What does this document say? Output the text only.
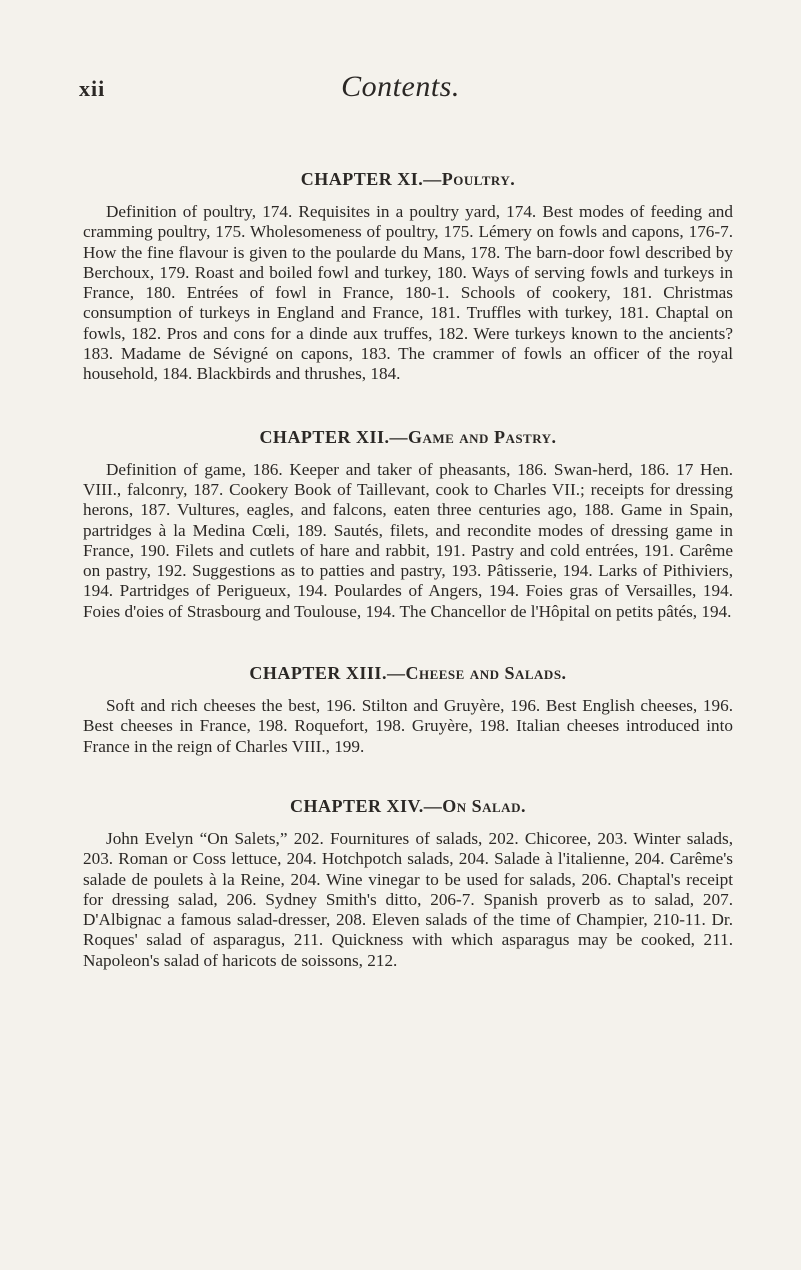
xii	Contents.
CHAPTER XI.—Poultry.

Definition of poultry, 174. Requisites in a poultry yard, 174. Best modes of feeding and cramming poultry, 175. Wholesomeness of poultry, 175. Lémery on fowls and capons, 176-7. How the fine flavour is given to the poularde du Mans, 178. The barn-door fowl described by Berchoux, 179. Roast and boiled fowl and turkey, 180. Ways of serving fowls and turkeys in France, 180. Entrées of fowl in France, 180-1. Schools of cookery, 181. Christmas consumption of turkeys in England and France, 181. Truffles with turkey, 181. Chaptal on fowls, 182. Pros and cons for a dinde aux truffes, 182. Were turkeys known to the ancients? 183. Madame de Sévigné on capons, 183. The crammer of fowls an officer of the royal household, 184. Blackbirds and thrushes, 184.

CHAPTER XII.—Game and Pastry.

Definition of game, 186. Keeper and taker of pheasants, 186. Swan-herd, 186. 17 Hen. VIII., falconry, 187. Cookery Book of Taillevant, cook to Charles VII.; receipts for dressing herons, 187. Vultures, eagles, and falcons, eaten three centuries ago, 188. Game in Spain, partridges à la Medina Cœli, 189. Sautés, filets, and recondite modes of dressing game in France, 190. Filets and cutlets of hare and rabbit, 191. Pastry and cold entrées, 191. Carême on pastry, 192. Suggestions as to patties and pastry, 193. Pâtisserie, 194. Larks of Pithiviers, 194. Partridges of Perigueux, 194. Poulardes of Angers, 194. Foies gras of Versailles, 194. Foies d'oies of Strasbourg and Toulouse, 194. The Chancellor de l'Hôpital on petits pâtés, 194.

CHAPTER XIII.—Cheese and Salads.

Soft and rich cheeses the best, 196. Stilton and Gruyère, 196. Best English cheeses, 196. Best cheeses in France, 198. Roquefort, 198. Gruyère, 198. Italian cheeses introduced into France in the reign of Charles VIII., 199.

CHAPTER XIV.—On Salad.

John Evelyn “On Salets,” 202. Fournitures of salads, 202. Chicoree, 203. Winter salads, 203. Roman or Coss lettuce, 204. Hotchpotch salads, 204. Salade à l'italienne, 204. Carême's salade de poulets à la Reine, 204. Wine vinegar to be used for salads, 206. Chaptal's receipt for dressing salad, 206. Sydney Smith's ditto, 206-7. Spanish proverb as to salad, 207. D'Albignac a famous salad-dresser, 208. Eleven salads of the time of Champier, 210-11. Dr. Roques' salad of asparagus, 211. Quickness with which asparagus may be cooked, 211. Napoleon's salad of haricots de soissons, 212.
